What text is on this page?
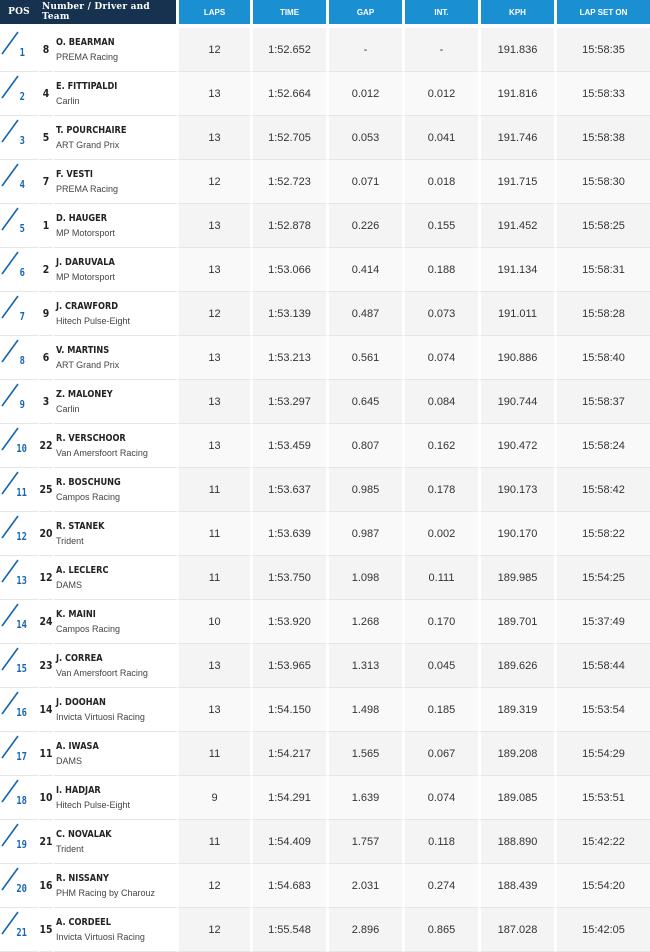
POS	Number / Driver and Team		LAPS	TIME	GAP	INT.	KPH	LAP SET ON

1	8	O. BEARMAN
PREMA Racing	12	1:52.652	-	-	191.836	15:58:35

2	4	E. FITTIPALDI
Carlin	13	1:52.664	0.012	0.012	191.816	15:58:33

3	5	T. POURCHAIRE
ART Grand Prix	13	1:52.705	0.053	0.041	191.746	15:58:38

4	7	F. VESTI
PREMA Racing	12	1:52.723	0.071	0.018	191.715	15:58:30

5	1	D. HAUGER
MP Motorsport	13	1:52.878	0.226	0.155	191.452	15:58:25

6	2	J. DARUVALA
MP Motorsport	13	1:53.066	0.414	0.188	191.134	15:58:31

7	9	J. CRAWFORD
Hitech Pulse-Eight	12	1:53.139	0.487	0.073	191.011	15:58:28

8	6	V. MARTINS
ART Grand Prix	13	1:53.213	0.561	0.074	190.886	15:58:40

9	3	Z. MALONEY
Carlin	13	1:53.297	0.645	0.084	190.744	15:58:37

10	22	R. VERSCHOOR
Van Amersfoort Racing	13	1:53.459	0.807	0.162	190.472	15:58:24

11	25	R. BOSCHUNG
Campos Racing	11	1:53.637	0.985	0.178	190.173	15:58:42

12	20	R. STANEK
Trident	11	1:53.639	0.987	0.002	190.170	15:58:22

13	12	A. LECLERC
DAMS	11	1:53.750	1.098	0.111	189.985	15:54:25

14	24	K. MAINI
Campos Racing	10	1:53.920	1.268	0.170	189.701	15:37:49

15	23	J. CORREA
Van Amersfoort Racing	13	1:53.965	1.313	0.045	189.626	15:58:44

16	14	J. DOOHAN
Invicta Virtuosi Racing	13	1:54.150	1.498	0.185	189.319	15:53:54

17	11	A. IWASA
DAMS	11	1:54.217	1.565	0.067	189.208	15:54:29

18	10	I. HADJAR
Hitech Pulse-Eight	9	1:54.291	1.639	0.074	189.085	15:53:51

19	21	C. NOVALAK
Trident	11	1:54.409	1.757	0.118	188.890	15:42:22

20	16	R. NISSANY
PHM Racing by Charouz	12	1:54.683	2.031	0.274	188.439	15:54:20

21	15	A. CORDEEL
Invicta Virtuosi Racing	12	1:55.548	2.896	0.865	187.028	15:42:05
